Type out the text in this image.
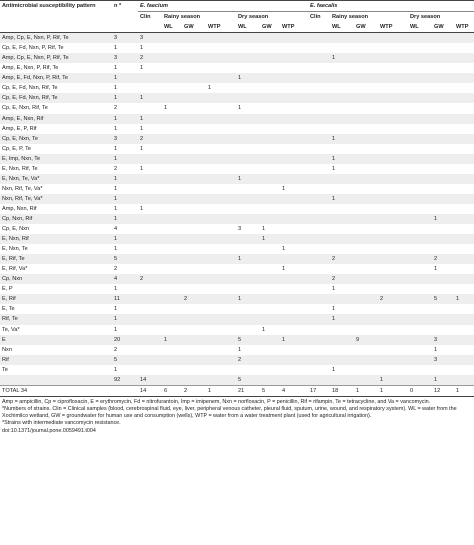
Antimicrobial susceptibility pattern	n *	E. faecium							E. faecalis						
		Clin	Rainy season			Dry season			Clin	Rainy season			Dry season		
			WL	GW	WTP	WL	GW	WTP		WL	GW	WTP	WL	GW	WTP
Amp, Cp, E, Nxn, P, Rif, Te	3	3													
Cp, E, Fd, Nxn, P, Rif, Te	1	1													
Amp, Cp, E, Nxn, P, Rif, Te	3	2								1					
Amp, E, Nxn, P, Rif, Te	1	1													
Amp, E, Fd, Nxn, P, Rif, Te	1					1									
Cp, E, Fd, Nxn, Rif, Te	1				1										
Cp, E, Fd, Nxn, Rif, Te	1	1													
Cp, E, Nxn, Rif, Te	2		1			1									
Amp, E, Nxn, Rif	1	1													
Amp, E, P, Rif	1	1													
Cp, E, Nxn, Te	3	2								1					
Cp, E, P, Te	1	1													
E, Imp, Nxn, Te	1									1					
E, Nxn, Rif, Te	2	1								1					
E, Nxn, Te, Va*	1					1									
Nxn, Rif, Te, Va*	1							1							
Nxn, Rif, Te, Va*	1									1					
Amp, Nxn, Rif	1	1													
Cp, Nxn, Rif	1													1	
Cp, E, Nxn	4					3	1								
E, Nxn, Rif	1						1								
E, Nxn, Te	1							1							
E, Rif, Te	5					1				2				2	
E, Rif, Va*	2							1						1	
Cp, Nxn	4	2								2					
E, P	1									1					
E, Rif	11			2		1						2		5	1
E, Te	1									1					
Rif, Te	1									1					
Te, Va*	1						1								
E	20		1			5		1			9			3	
Nxn	2					1								1	
Rif	5					2								3	
Te	1									1					
	92	14				5						1		1	
TOTAL 34		14	6	2	1	21	5	4	17	18	1	1	0	12	1
Amp = ampicillin, Cp = ciprofloxacin, E = erythromycin, Fd = nitrofurantoin, Imp = imipenem, Nxn = norfloxacin, P = penicillin, Rif = rifampin, Te = tetracycline, and Va = vancomycin.
*Numbers of strains. Clin = Clinical samples (blood, cerebrospinal fluid, eye, liver, peripheral venous catheter, pleural fluid, sputum, urine, wound, and respiratory system). WL = water from the Xochimilco wetland, GW = groundwater for human use and consumption (wells), WTP = water from a water treatment plant (used for agricultural irrigation).
*Strains with intermediate vancomycin resistance.
doi:10.1371/journal.pone.0059491.t004
